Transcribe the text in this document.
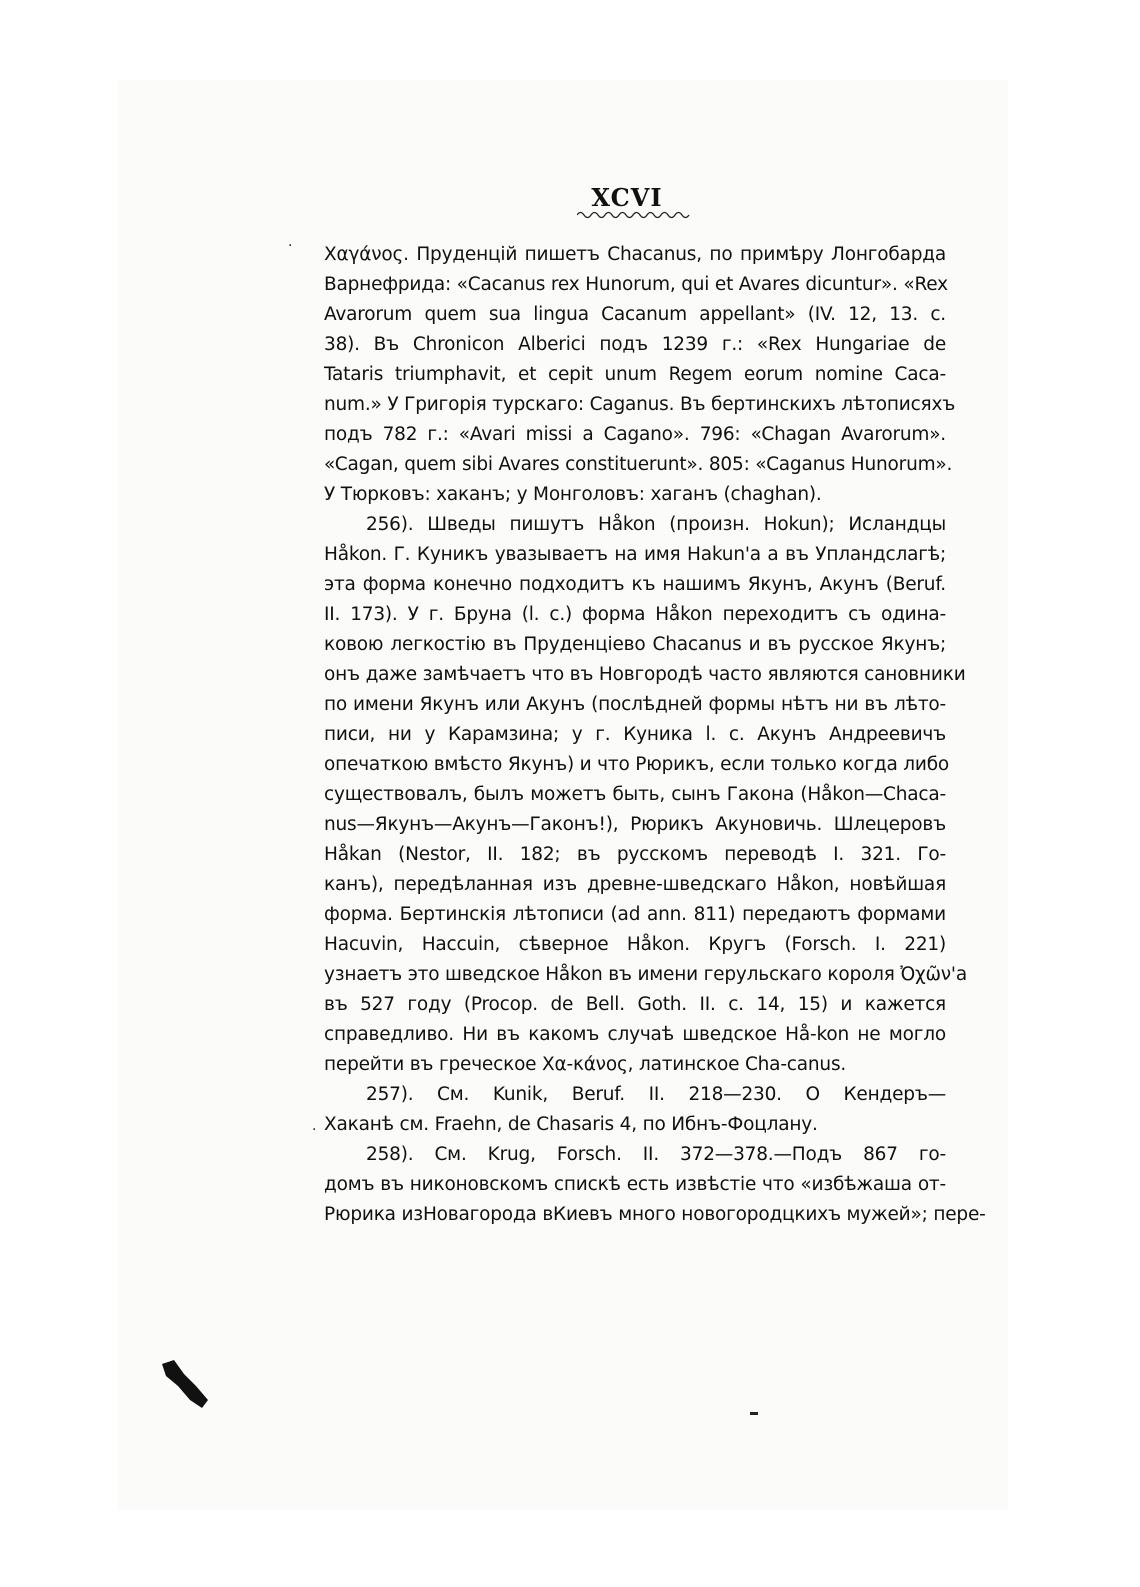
XCVI
·
·
Χαγάνος. Пруденцій пишетъ Chacanus, по примѣру Лонгобарда
Варнефрида: «Cacanus rex Hunorum, qui et Avares dicuntur». «Rex
Avarorum quem sua lingua Cacanum appellant» (IV. 12, 13. c.
38). Въ Chronicon Alberici подъ 1239 г.: «Rex Hungariae de
Tataris triumphavit, et cepit unum Regem eorum nomine Caca-
num.» У Григорія турскаго: Caganus. Въ бертинскихъ лѣтописяхъ
подъ 782 г.: «Avari missi a Cagano». 796: «Chagan Avarorum».
«Cagan, quem sibi Avares constituerunt». 805: «Caganus Hunorum».
У Тюрковъ: хаканъ; у Монголовъ: хаганъ (chaghan).
256). Шведы пишутъ Håkon (произн. Hokun); Исландцы
Håkon. Г. Куникъ увазываетъ на имя Hakun'a а въ Упландслагѣ;
эта форма конечно подходитъ къ нашимъ Якунъ, Акунъ (Beruf.
II. 173). У г. Бруна (l. c.) форма Håkon переходитъ съ одина-
ковою легкостію въ Пруденціево Chacanus и въ русское Якунъ;
онъ даже замѣчаетъ что въ Новгородѣ часто являются сановники
по имени Якунъ или Акунъ (послѣдней формы нѣтъ ни въ лѣто-
писи, ни у Карамзина; у г. Куника l. c. Акунъ Андреевичъ
опечаткою вмѣсто Якунъ) и что Рюрикъ, если только когда либо
существовалъ, былъ можетъ быть, сынъ Гакона (Håkon—Chaca-
nus—Якунъ—Акунъ—Гаконъ!), Рюрикъ Акуновичь. Шлецеровъ
Håkan (Nestor, II. 182; въ русскомъ переводѣ I. 321. Го-
канъ), передѣланная изъ древне-шведскаго Håkon, новѣйшая
форма. Бертинскія лѣтописи (ad ann. 811) передаютъ формами
Hacuvin, Haccuin, сѣверное Håkon. Кругъ (Forsch. I. 221)
узнаетъ это шведское Håkon въ имени герульскаго короля Ὀχῶν'а
въ 527 году (Procop. de Bell. Goth. II. c. 14, 15) и кажется
справедливо. Ни въ какомъ случаѣ шведское Hå-kon не могло
перейти въ греческое Χα-κάνος, латинское Cha-canus.
257). См. Kunik, Beruf. II. 218—230. О Кендеръ—
Хаканѣ см. Fraehn, de Chasaris 4, по Ибнъ-Фоцлану.
258). См. Krug, Forsch. II. 372—378.—Подъ 867 го-
домъ въ никоновскомъ спискѣ есть извѣстіе что «избѣжаша от-
Рюрика изНовагорода вКиевъ много новогородцкихъ мужей»; пере-
